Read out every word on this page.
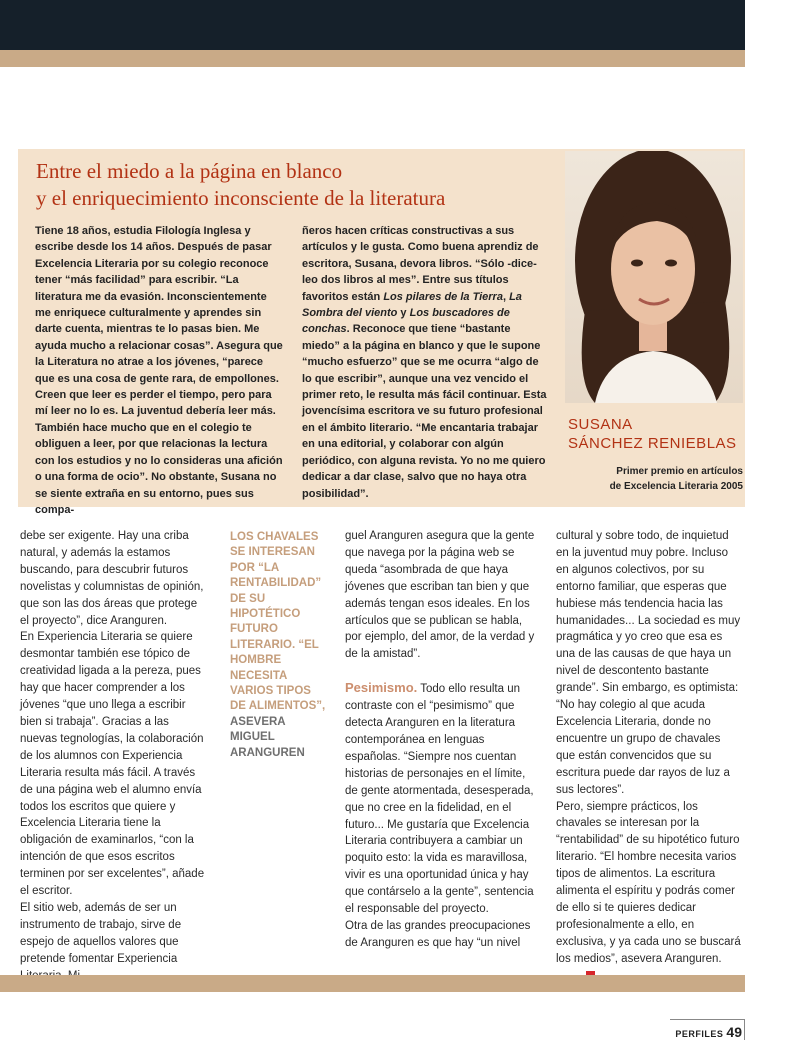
Entre el miedo a la página en blanco
y el enriquecimiento inconsciente de la literatura

Tiene 18 años, estudia Filología Inglesa y escribe desde los 14 años. Después de pasar Excelencia Literaria por su colegio reconoce tener “más facilidad” para escribir. “La literatura me da evasión. Inconscientemente me enriquece culturalmente y aprendes sin darte cuenta, mientras te lo pasas bien. Me ayuda mucho a relacionar cosas”. Asegura que la Literatura no atrae a los jóvenes, “parece que es una cosa de gente rara, de empollones. Creen que leer es perder el tiempo, pero para mí leer no lo es. La juventud debería leer más. También hace mucho que en el colegio te obliguen a leer, por que relacionas la lectura con los estudios y no lo consideras una afición o una forma de ocio”. No obstante, Susana no se siente extraña en su entorno, pues sus compa-

ñeros hacen críticas constructivas a sus artículos y le gusta. Como buena aprendiz de escritora, Susana, devora libros. “Sólo -dice- leo dos libros al mes”. Entre sus títulos favoritos están Los pilares de la Tierra, La Sombra del viento y Los buscadores de conchas. Reconoce que tiene “bastante miedo” a la página en blanco y que le supone “mucho esfuerzo” que se me ocurra “algo de lo que escribir”, aunque una vez vencido el primer reto, le resulta más fácil continuar. Esta jovencísima escritora ve su futuro profesional en el ámbito literario. “Me encantaria trabajar en una editorial, y colaborar con algún periódico, con alguna revista. Yo no me quiero dedicar a dar clase, salvo que no haya otra posibilidad”.

SUSANA
SÁNCHEZ RENIEBLAS

Primer premio en artículos
de Excelencia Literaria 2005

debe ser exigente. Hay una criba natural, y además la estamos buscando, para descubrir futuros novelistas y columnistas de opinión, que son las dos áreas que protege el proyecto”, dice Aranguren.

En Experiencia Literaria se quiere desmontar también ese tópico de creatividad ligada a la pereza, pues hay que hacer comprender a los jóvenes “que uno llega a escribir bien si trabaja”. Gracias a las nuevas tegnologías, la colaboración de los alumnos con Experiencia Literaria resulta más fácil. A través de una página web el alumno envía todos los escritos que quiere y Excelencia Literaria tiene la obligación de examinarlos, “con la intención de que esos escritos terminen por ser excelentes”, añade el escritor.

El sitio web, además de ser un instrumento de trabajo, sirve de espejo de aquellos valores que pretende fomentar Experiencia

LOS CHAVALES SE INTERESAN POR “LA RENTABILIDAD” DE SU HIPOTÉTICO FUTURO LITERARIO. “EL HOMBRE NECESITA VARIOS TIPOS DE ALIMENTOS”,
ASEVERA MIGUEL ARANGUREN

guel Aranguren asegura que la gente que navega por la página web se queda “asombrada de que haya jóvenes que escriban tan bien y que además tengan esos ideales. En los artículos que se publican se habla, por ejemplo, del amor, de la verdad y de la amistad”.

Pesimismo. Todo ello resulta un contraste con el “pesimismo” que detecta Aranguren en la literatura contemporánea en lenguas españolas. “Siempre nos cuentan historias de personajes en el límite, de gente atormentada, desesperada, que no cree en la fidelidad, en el futuro... Me gustaría que Excelencia Literaria contribuyera a cambiar un poquito esto: la vida es maravillosa, vivir es una oportunidad única y hay que contárselo a la gente”, sentencia el responsable del proyecto.

Otra de las grandes preocupaciones de Aranguren es que hay “un nivel

cultural y sobre todo, de inquietud en la juventud muy pobre. Incluso en algunos colectivos, por su entorno familiar, que esperas que hubiese más tendencia hacia las humanidades... La sociedad es muy pragmática y yo creo que esa es una de las causas de que haya un nivel de descontento bastante grande”. Sin embargo, es optimista: “No hay colegio al que acuda Excelencia Literaria, donde no encuentre un grupo de chavales que están convencidos que su escritura puede dar rayos de luz a sus lectores”.

Pero, siempre prácticos, los chavales se interesan por la “rentabilidad” de su hipotético futuro literario. “El hombre necesita varios tipos de alimentos. La escritura alimenta el espíritu y podrás comer de ello si te quieres dedicar profesionalmente a ello, en exclusiva, y ya cada uno se buscará los medios”, asevera Aranguren.

PERFILES 49
